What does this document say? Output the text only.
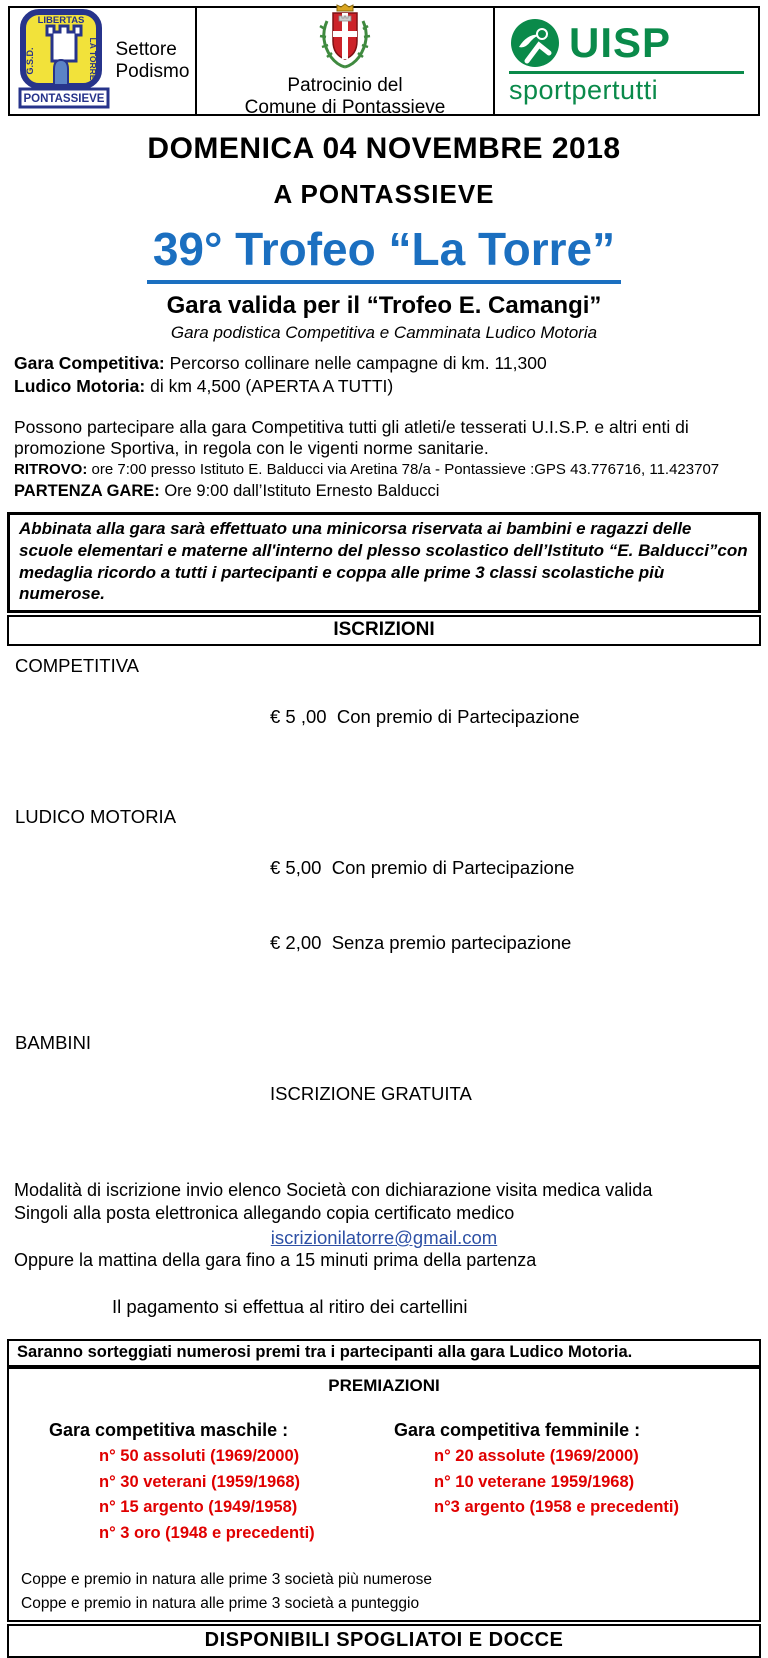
LIBERTAS
G.S.D.	LA TORRE
PONTASSIEVE
Settore Podismo
Patrocinio del
Comune di Pontassieve
UISP
sportpertutti
DOMENICA 04 NOVEMBRE 2018
A PONTASSIEVE
39° Trofeo “La Torre”
Gara valida per il “Trofeo E. Camangi”
Gara podistica Competitiva e Camminata Ludico Motoria
Gara Competitiva: Percorso collinare nelle campagne di km. 11,300
Ludico Motoria: di km 4,500 (APERTA A TUTTI)
Possono partecipare alla gara Competitiva tutti gli atleti/e tesserati U.I.S.P. e altri enti di promozione Sportiva, in regola con le vigenti norme sanitarie.
RITROVO: ore 7:00 presso Istituto E. Balducci via Aretina 78/a - Pontassieve :GPS 43.776716, 11.423707
PARTENZA GARE: Ore 9:00 dall’Istituto Ernesto Balducci
Abbinata alla gara sarà effettuato una minicorsa riservata ai bambini e ragazzi delle scuole elementari e materne all'interno del plesso scolastico dell’Istituto “E. Balducci”con medaglia ricordo a tutti i partecipanti e coppa alle prime 3 classi scolastiche più numerose.
ISCRIZIONI
COMPETITIVA

€ 5 ,00  Con premio di Partecipazione

LUDICO MOTORIA

€ 5,00  Con premio di Partecipazione

€ 2,00  Senza premio partecipazione

BAMBINI

ISCRIZIONE GRATUITA

Modalità di iscrizione invio elenco Società con dichiarazione visita medica valida
Singoli alla posta elettronica allegando copia certificato medico
iscrizionilatorre@gmail.com
Oppure la mattina della gara fino a 15 minuti prima della partenza
Il pagamento si effettua al ritiro dei cartellini
Saranno sorteggiati numerosi premi tra i partecipanti alla gara Ludico Motoria.
PREMIAZIONI
Gara competitiva maschile :
n° 50 assoluti (1969/2000)
n° 30 veterani (1959/1968)
n° 15 argento (1949/1958)
n° 3 oro (1948 e precedenti)
Gara competitiva femminile :
n° 20 assolute (1969/2000)
n° 10 veterane 1959/1968)
n°3 argento (1958 e precedenti)
Coppe e premio in natura alle prime 3 società più numerose
Coppe e premio in natura alle prime 3 società a punteggio
DISPONIBILI SPOGLIATOI E DOCCE
